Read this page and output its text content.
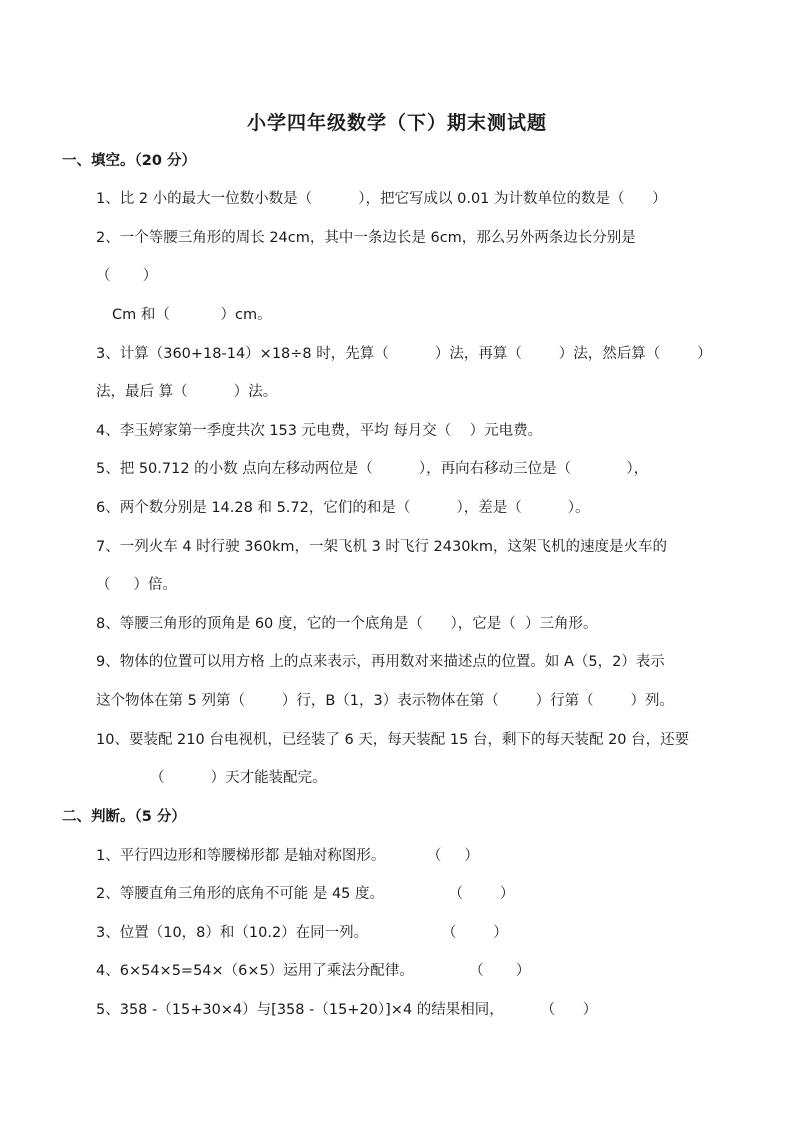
小学四年级数学（下）期末测试题
一、填空。（20 分）
1、比 2 小的最大一位数小数是（          ），把它写成以 0.01 为计数单位的数是（      ）
2、一个等腰三角形的周长 24cm，其中一条边长是 6cm，那么另外两条边长分别是
（       ）
Cm 和（           ）cm。
3、计算（360+18-14）×18÷8 时，先算（          ）法，再算（        ）法，然后算（        ）
法，最后 算（          ）法。
4、李玉婷家第一季度共次 153 元电费，平均 每月交（    ）元电费。
5、把 50.712 的小数 点向左移动两位是（          ），再向右移动三位是（            ），
6、两个数分别是 14.28 和 5.72，它们的和是（          ），差是（          ）。
7、一列火车 4 时行驶 360km，一架飞机 3 时飞行 2430km，这架飞机的速度是火车的
（     ）倍。
8、等腰三角形的顶角是 60 度，它的一个底角是（      ），它是（  ）三角形。
9、物体的位置可以用方格 上的点来表示，再用数对来描述点的位置。如 A（5，2）表示
这个物体在第 5 列第（        ）行，B（1，3）表示物体在第（        ）行第（        ）列。
10、要装配 210 台电视机，已经装了 6 天，每天装配 15 台，剩下的每天装配 20 台，还要
（          ）天才能装配完。
二、判断。（5 分）
1、平行四边形和等腰梯形都 是轴对称图形。         （     ）
2、等腰直角三角形的底角不可能 是 45 度。              （        ）
3、位置（10，8）和（10.2）在同一列。                （        ）
4、6×54×5=54×（6×5）运用了乘法分配律。            （       ）
5、358 -（15+30×4）与[358 -（15+20）]×4 的结果相同，        （      ）
